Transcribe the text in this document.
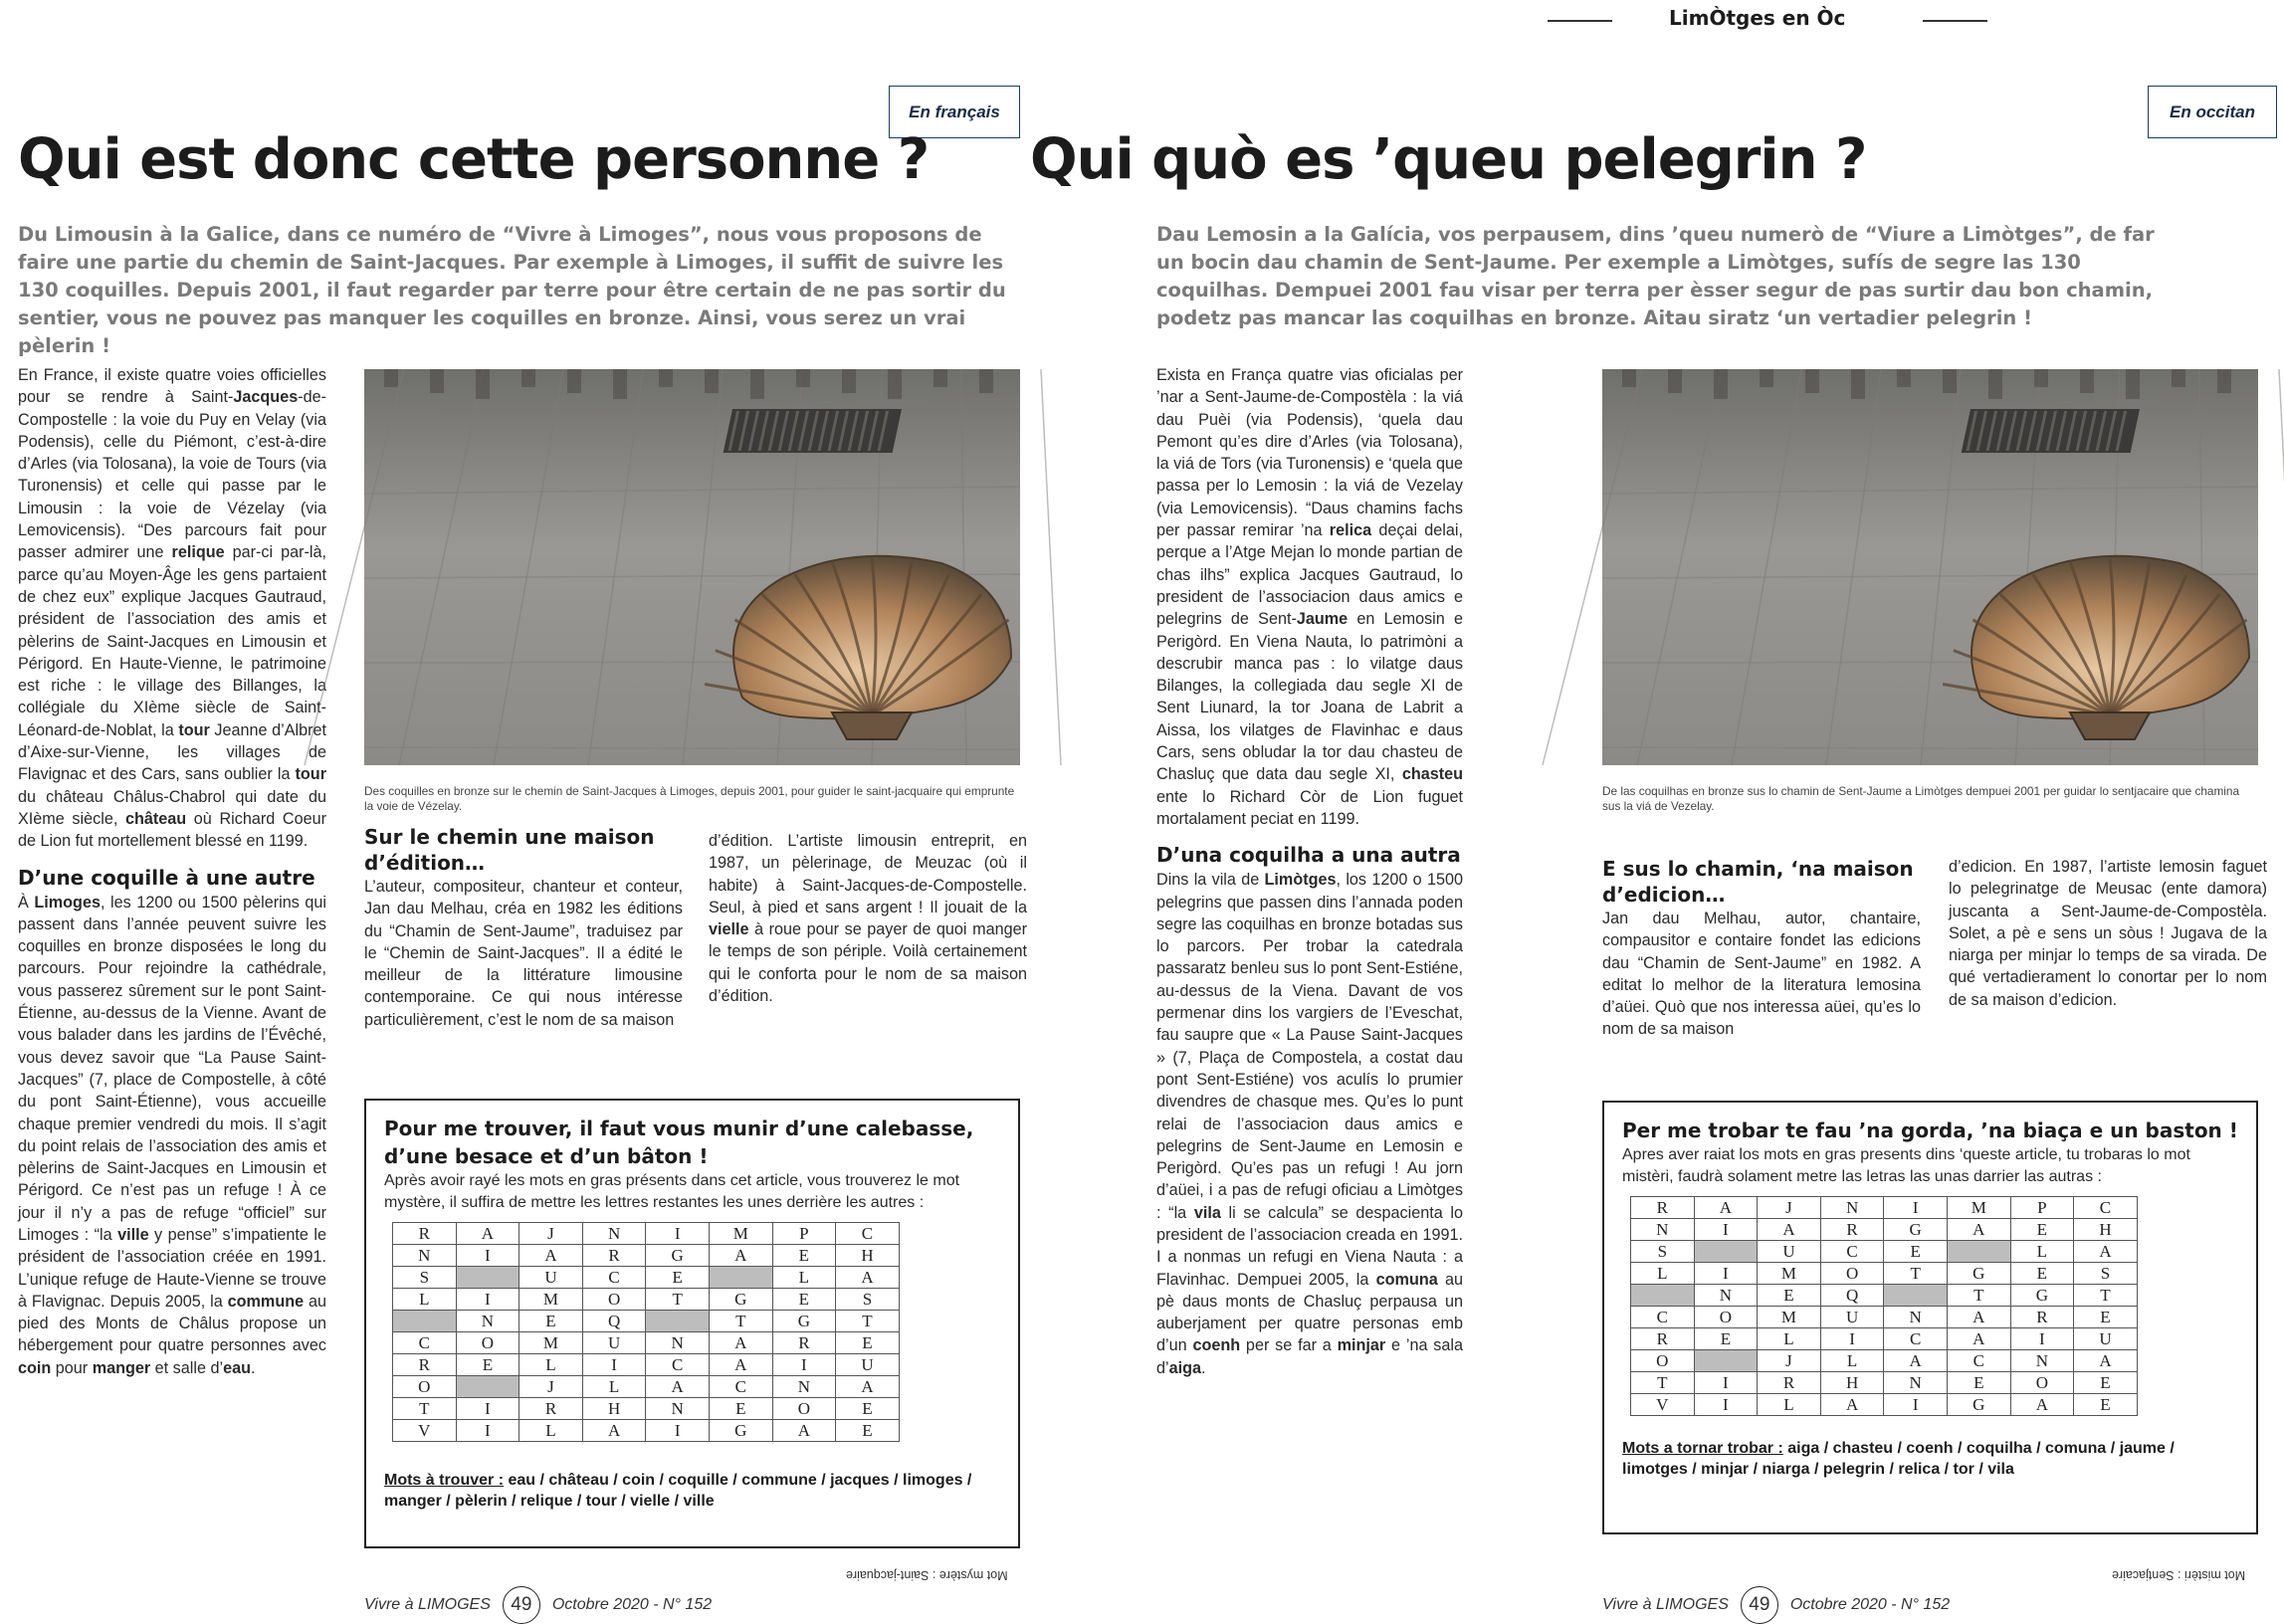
LimÒtges en Òc
En français
Qui est donc cette personne ?
Du Limousin à la Galice, dans ce numéro de “Vivre à Limoges”, nous vous proposons de faire une partie du chemin de Saint-Jacques. Par exemple à Limoges, il suffit de suivre les 130 coquilles. Depuis 2001, il faut regarder par terre pour être certain de ne pas sortir du sentier, vous ne pouvez pas manquer les coquilles en bronze. Ainsi, vous serez un vrai pèlerin !

En France, il existe quatre voies officielles pour se rendre à Saint-Jacques-de-Compostelle : la voie du Puy en Velay (via Podensis), celle du Piémont, c’est-à-dire d’Arles (via Tolosana), la voie de Tours (via Turonensis) et celle qui passe par le Limousin : la voie de Vézelay (via Lemovicensis). “Des parcours fait pour passer admirer une relique par-ci par-là, parce qu’au Moyen-Âge les gens partaient de chez eux” explique Jacques Gautraud, président de l’association des amis et pèlerins de Saint-Jacques en Limousin et Périgord. En Haute-Vienne, le patrimoine est riche : le village des Billanges, la collégiale du XIème siècle de Saint-Léonard-de-Noblat, la tour Jeanne d’Albret d’Aixe-sur-Vienne, les villages de Flavignac et des Cars, sans oublier la tour du château Châlus-Chabrol qui date du XIème siècle, château où Richard Coeur de Lion fut mortellement blessé en 1199.

D’une coquille à une autre

À Limoges, les 1200 ou 1500 pèlerins qui passent dans l’année peuvent suivre les coquilles en bronze disposées le long du parcours. Pour rejoindre la cathédrale, vous passerez sûrement sur le pont Saint-Étienne, au-dessus de la Vienne. Avant de vous balader dans les jardins de l’Évêché, vous devez savoir que “La Pause Saint-Jacques” (7, place de Compostelle, à côté du pont Saint-Étienne), vous accueille chaque premier vendredi du mois. Il s’agit du point relais de l’association des amis et pèlerins de Saint-Jacques en Limousin et Périgord. Ce n’est pas un refuge ! À ce jour il n’y a pas de refuge “officiel” sur Limoges : “la ville y pense” s’impatiente le président de l’association créée en 1991. L’unique refuge de Haute-Vienne se trouve à Flavignac. Depuis 2005, la commune au pied des Monts de Châlus propose un hébergement pour quatre personnes avec coin pour manger et salle d’eau.

Des coquilles en bronze sur le chemin de Saint-Jacques à Limoges, depuis 2001, pour guider le saint-jacquaire qui emprunte la voie de Vézelay.
Sur le chemin une maison d’édition…

L’auteur, compositeur, chanteur et conteur, Jan dau Melhau, créa en 1982 les éditions du “Chamin de Sent-Jaume”, traduisez par le “Chemin de Saint-Jacques”. Il a édité le meilleur de la littérature limousine contemporaine. Ce qui nous intéresse particulièrement, c’est le nom de sa maison

d’édition. L’artiste limousin entreprit, en 1987, un pèlerinage, de Meuzac (où il habite) à Saint-Jacques-de-Compostelle. Seul, à pied et sans argent ! Il jouait de la vielle à roue pour se payer de quoi manger le temps de son périple. Voilà certainement qui le conforta pour le nom de sa maison d’édition.

Pour me trouver, il faut vous munir d’une calebasse, d’une besace et d’un bâton !
Après avoir rayé les mots en gras présents dans cet article, vous trouverez le mot mystère, il suffira de mettre les lettres restantes les unes derrière les autres :
R	A	J	N	I	M	P	C
N	I	A	R	G	A	E	H
S		U	C	E		L	A
L	I	M	O	T	G	E	S
	N	E	Q		T	G	T
C	O	M	U	N	A	R	E
R	E	L	I	C	A	I	U
O		J	L	A	C	N	A
T	I	R	H	N	E	O	E
V	I	L	A	I	G	A	E
Mots à trouver : eau / château / coin / coquille / commune / jacques / limoges / manger / pèlerin / relique / tour / vielle / ville
Mot mystère : Saint-jacquaire
Vivre à LIMOGES	49	Octobre 2020 - N° 152
En occitan
Qui quò es ’queu pelegrin ?
Dau Lemosin a la Galícia, vos perpausem, dins ’queu numerò de “Viure a Limòtges”, de far un bocin dau chamin de Sent-Jaume. Per exemple a Limòtges, sufís de segre las 130 coquilhas. Dempuei 2001 fau visar per terra per èsser segur de pas surtir dau bon chamin, podetz pas mancar las coquilhas en bronze. Aitau siratz ‘un vertadier pelegrin !

Exista en França quatre vias oficialas per ’nar a Sent-Jaume-de-Compostèla : la viá dau Puèi (via Podensis), ‘quela dau Pemont qu’es dire d’Arles (via Tolosana), la viá de Tors (via Turonensis) e ‘quela que passa per lo Lemosin : la viá de Vezelay (via Lemovicensis). “Daus chamins fachs per passar remirar ’na relica deçai delai, perque a l’Atge Mejan lo monde partian de chas ilhs” explica Jacques Gautraud, lo president de l’associacion daus amics e pelegrins de Sent-Jaume en Lemosin e Perigòrd. En Viena Nauta, lo patrimòni a descrubir manca pas : lo vilatge daus Bilanges, la collegiada dau segle XI de Sent Liunard, la tor Joana de Labrit a Aissa, los vilatges de Flavinhac e daus Cars, sens obludar la tor dau chasteu de Chasluç que data dau segle XI, chasteu ente lo Richard Còr de Lion fuguet mortalament peciat en 1199.

D’una coquilha a una autra

Dins la vila de Limòtges, los 1200 o 1500 pelegrins que passen dins l’annada poden segre las coquilhas en bronze botadas sus lo parcors. Per trobar la catedrala passaratz benleu sus lo pont Sent-Estiéne, au-dessus de la Viena. Davant de vos permenar dins los vargiers de l’Eveschat, fau saupre que « La Pause Saint-Jacques » (7, Plaça de Compostela, a costat dau pont Sent-Estiéne) vos aculís lo prumier divendres de chasque mes. Qu’es lo punt relai de l’associacion daus amics e pelegrins de Sent-Jaume en Lemosin e Perigòrd. Qu’es pas un refugi ! Au jorn d’aüei, i a pas de refugi oficiau a Limòtges : “la vila li se calcula” se despacienta lo president de l’associacion creada en 1991. I a nonmas un refugi en Viena Nauta : a Flavinhac. Dempuei 2005, la comuna au pè daus monts de Chasluç perpausa un auberjament per quatre personas emb d’un coenh per se far a minjar e ’na sala d’aiga.

De las coquilhas en bronze sus lo chamin de Sent-Jaume a Limòtges dempuei 2001 per guidar lo sentjacaire que chamina sus la viá de Vezelay.
E sus lo chamin, ‘na maison d’edicion…

Jan dau Melhau, autor, chantaire, compausitor e contaire fondet las edicions dau “Chamin de Sent-Jaume” en 1982. A editat lo melhor de la literatura lemosina d’aüei. Quò que nos interessa aüei, qu’es lo nom de sa maison

d’edicion. En 1987, l’artiste lemosin faguet lo pelegrinatge de Meusac (ente damora) juscanta a Sent-Jaume-de-Compostèla. Solet, a pè e sens un sòus ! Jugava de la niarga per minjar lo temps de sa virada. De qué vertadierament lo conortar per lo nom de sa maison d’edicion.

Per me trobar te fau ’na gorda, ’na biaça e un baston !
Apres aver raiat los mots en gras presents dins ‘queste article, tu trobaras lo mot mistèri, faudrà solament metre las letras las unas darrier las autras :
R	A	J	N	I	M	P	C
N	I	A	R	G	A	E	H
S		U	C	E		L	A
L	I	M	O	T	G	E	S
	N	E	Q		T	G	T
C	O	M	U	N	A	R	E
R	E	L	I	C	A	I	U
O		J	L	A	C	N	A
T	I	R	H	N	E	O	E
V	I	L	A	I	G	A	E
Mots a tornar trobar : aiga / chasteu / coenh / coquilha / comuna / jaume / limotges / minjar / niarga / pelegrin / relica / tor / vila
Mot mistèri : Sentjacaire
Vivre à LIMOGES	49	Octobre 2020 - N° 152
